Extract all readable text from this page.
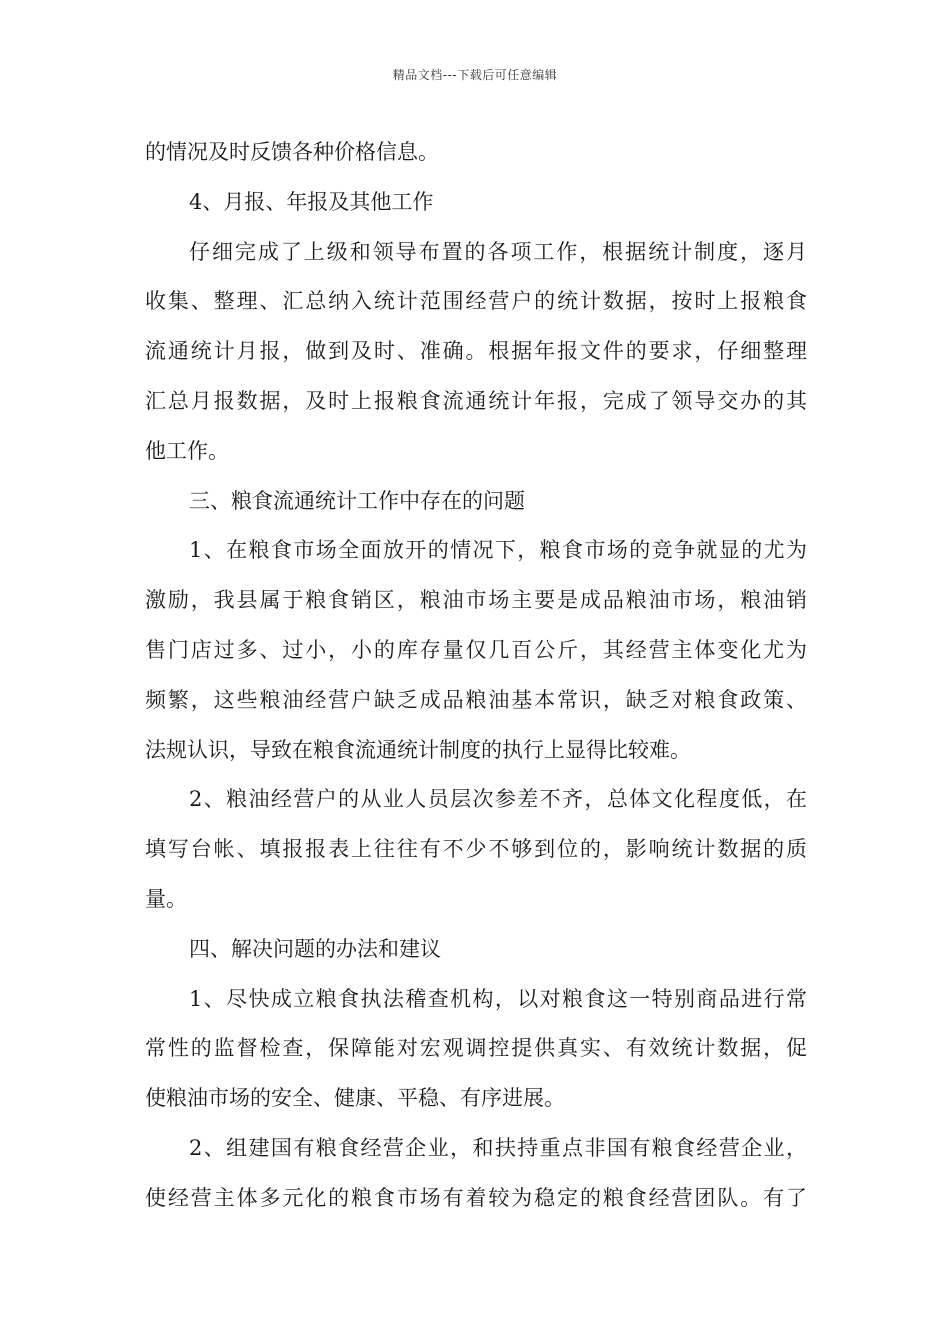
精品文档---下载后可任意编辑
的情况及时反馈各种价格信息。
4、月报、年报及其他工作
仔细完成了上级和领导布置的各项工作，根据统计制度，逐月
收集、整理、汇总纳入统计范围经营户的统计数据，按时上报粮食
流通统计月报，做到及时、准确。根据年报文件的要求，仔细整理
汇总月报数据，及时上报粮食流通统计年报，完成了领导交办的其
他工作。
三、粮食流通统计工作中存在的问题
1、在粮食市场全面放开的情况下，粮食市场的竞争就显的尤为
激励，我县属于粮食销区，粮油市场主要是成品粮油市场，粮油销
售门店过多、过小，小的库存量仅几百公斤，其经营主体变化尤为
频繁，这些粮油经营户缺乏成品粮油基本常识，缺乏对粮食政策、
法规认识，导致在粮食流通统计制度的执行上显得比较难。
2、粮油经营户的从业人员层次参差不齐，总体文化程度低，在
填写台帐、填报报表上往往有不少不够到位的，影响统计数据的质
量。
四、解决问题的办法和建议
1、尽快成立粮食执法稽查机构，以对粮食这一特别商品进行常
常性的监督检查，保障能对宏观调控提供真实、有效统计数据，促
使粮油市场的安全、健康、平稳、有序进展。
2、组建国有粮食经营企业，和扶持重点非国有粮食经营企业，
使经营主体多元化的粮食市场有着较为稳定的粮食经营团队。有了
